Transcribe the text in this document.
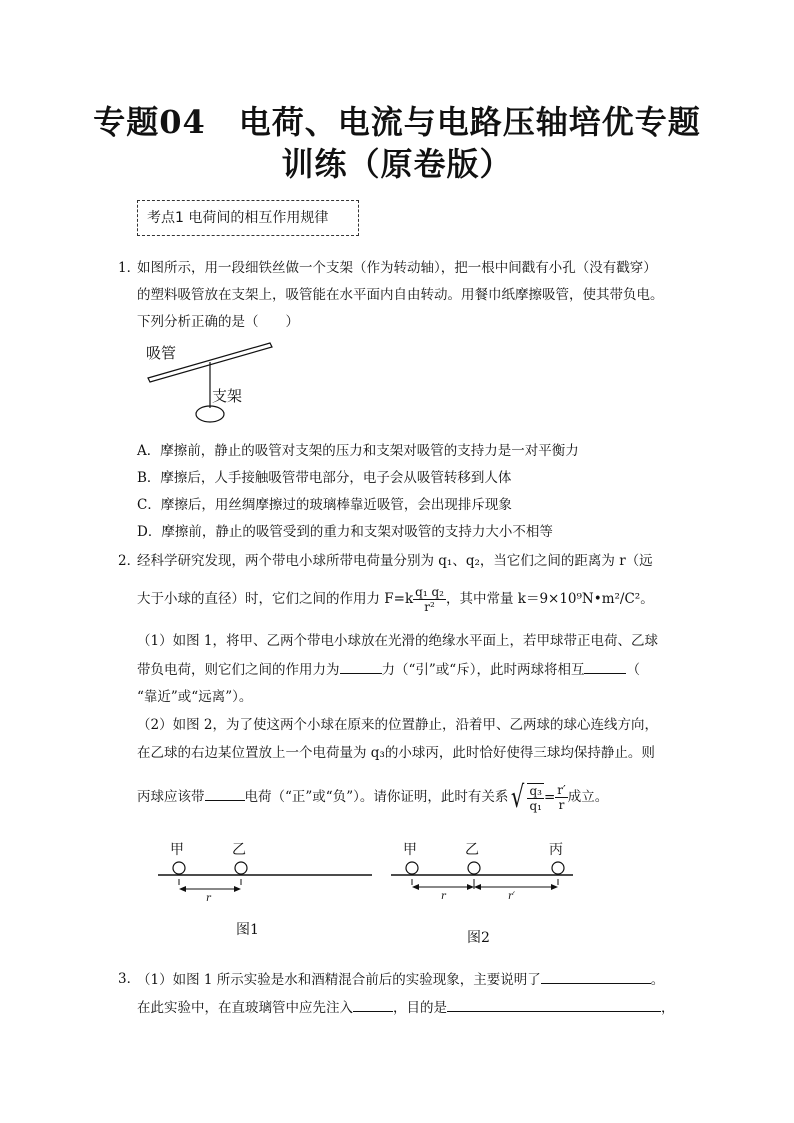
专题04　电荷、电流与电路压轴培优专题
训练（原卷版）
考点1 电荷间的相互作用规律
1．
如图所示，用一段细铁丝做一个支架（作为转动轴），把一根中间戳有小孔（没有戳穿）
的塑料吸管放在支架上，吸管能在水平面内自由转动。用餐巾纸摩擦吸管，使其带负电。
下列分析正确的是（　　）
吸管
支架
A．摩擦前，静止的吸管对支架的压力和支架对吸管的支持力是一对平衡力
B．摩擦后，人手接触吸管带电部分，电子会从吸管转移到人体
C．摩擦后，用丝绸摩擦过的玻璃棒靠近吸管，会出现排斥现象
D．摩擦前，静止的吸管受到的重力和支架对吸管的支持力大小不相等
2．
经科学研究发现，两个带电小球所带电荷量分别为 q₁、q₂，当它们之间的距离为 r（远
大于小球的直径）时，它们之间的作用力 $F=k \frac{\text{q₁ q₂}}{\text{r²}}$ ，其中常量 k＝9×10⁹N•m²/C²。
（1）如图 1，将甲、乙两个带电小球放在光滑的绝缘水平面上，若甲球带正电荷、乙球
带负电荷，则它们之间的作用力为	力（“引”或“斥），此时两球将相互	（
“靠近”或“远离”）。
（2）如图 2，为了使这两个小球在原来的位置静止，沿着甲、乙两球的球心连线方向，
在乙球的右边某位置放上一个电荷量为 q₃的小球丙，此时恰好使得三球均保持静止。则
丙球应该带	电荷（“正”或“负”）。请你证明，此时有关系√ $\frac{\text{q₃}}{\text{q₁}} = \frac{r'}{r}$ 成立。
甲	乙
r
图1
甲	乙	丙
r	r′
图2
3．
（1）如图 1 所示实验是水和酒精混合前后的实验现象，主要说明了	。
在此实验中，在直玻璃管中应先注入	，目的是	，
